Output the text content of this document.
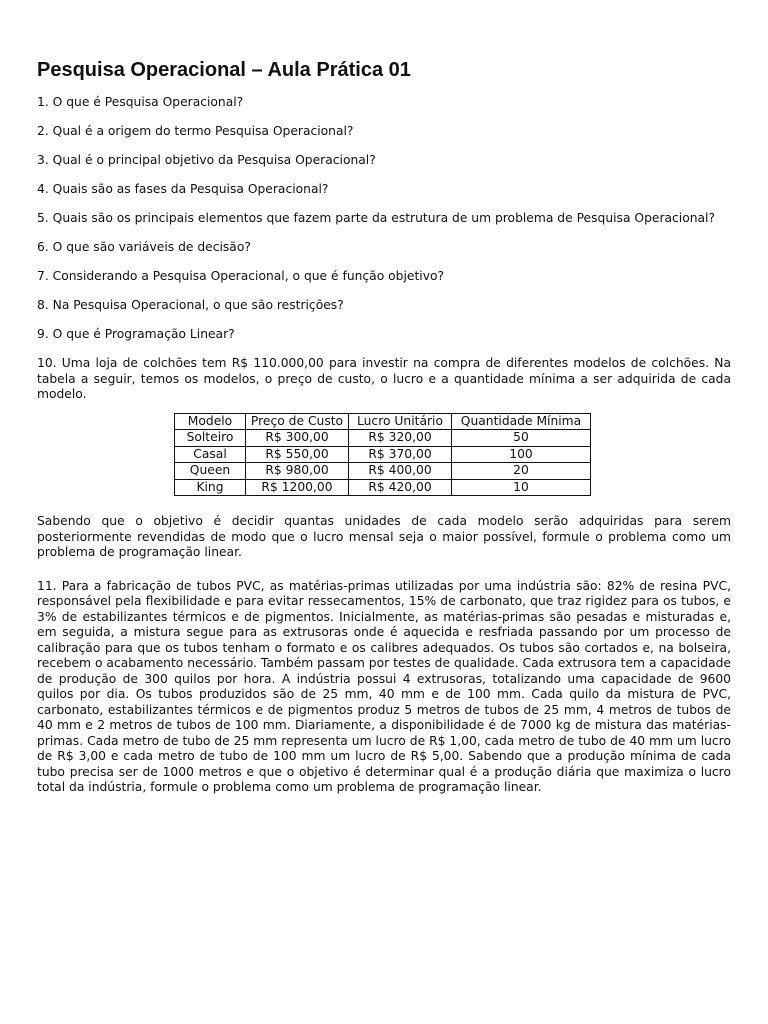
Pesquisa Operacional – Aula Prática 01

1. O que é Pesquisa Operacional?

2. Qual é a origem do termo Pesquisa Operacional?

3. Qual é o principal objetivo da Pesquisa Operacional?

4. Quais são as fases da Pesquisa Operacional?

5. Quais são os principais elementos que fazem parte da estrutura de um problema de Pesquisa Operacional?

6. O que são variáveis de decisão?

7. Considerando a Pesquisa Operacional, o que é função objetivo?

8. Na Pesquisa Operacional, o que são restrições?

9. O que é Programação Linear?

10. Uma loja de colchões tem R$ 110.000,00 para investir na compra de diferentes modelos de colchões. Na tabela a seguir, temos os modelos, o preço de custo, o lucro e a quantidade mínima a ser adquirida de cada modelo.

Modelo	Preço de Custo	Lucro Unitário	Quantidade Mínima
Solteiro	R$ 300,00	R$ 320,00	50
Casal	R$ 550,00	R$ 370,00	100
Queen	R$ 980,00	R$ 400,00	20
King	R$ 1200,00	R$ 420,00	10

Sabendo que o objetivo é decidir quantas unidades de cada modelo serão adquiridas para serem posteriormente revendidas de modo que o lucro mensal seja o maior possível, formule o problema como um problema de programação linear.

11. Para a fabricação de tubos PVC, as matérias-primas utilizadas por uma indústria são: 82% de resina PVC, responsável pela flexibilidade e para evitar ressecamentos, 15% de carbonato, que traz rigidez para os tubos, e 3% de estabilizantes térmicos e de pigmentos. Inicialmente, as matérias-primas são pesadas e misturadas e, em seguida, a mistura segue para as extrusoras onde é aquecida e resfriada passando por um processo de calibração para que os tubos tenham o formato e os calibres adequados. Os tubos são cortados e, na bolseira, recebem o acabamento necessário. Também passam por testes de qualidade. Cada extrusora tem a capacidade de produção de 300 quilos por hora. A indústria possui 4 extrusoras, totalizando uma capacidade de 9600 quilos por dia. Os tubos produzidos são de 25 mm, 40 mm e de 100 mm. Cada quilo da mistura de PVC, carbonato, estabilizantes térmicos e de pigmentos produz 5 metros de tubos de 25 mm, 4 metros de tubos de 40 mm e 2 metros de tubos de 100 mm. Diariamente, a disponibilidade é de 7000 kg de mistura das matérias-primas. Cada metro de tubo de 25 mm representa um lucro de R$ 1,00, cada metro de tubo de 40 mm um lucro de R$ 3,00 e cada metro de tubo de 100 mm um lucro de R$ 5,00. Sabendo que a produção mínima de cada tubo precisa ser de 1000 metros e que o objetivo é determinar qual é a produção diária que maximiza o lucro total da indústria, formule o problema como um problema de programação linear.
